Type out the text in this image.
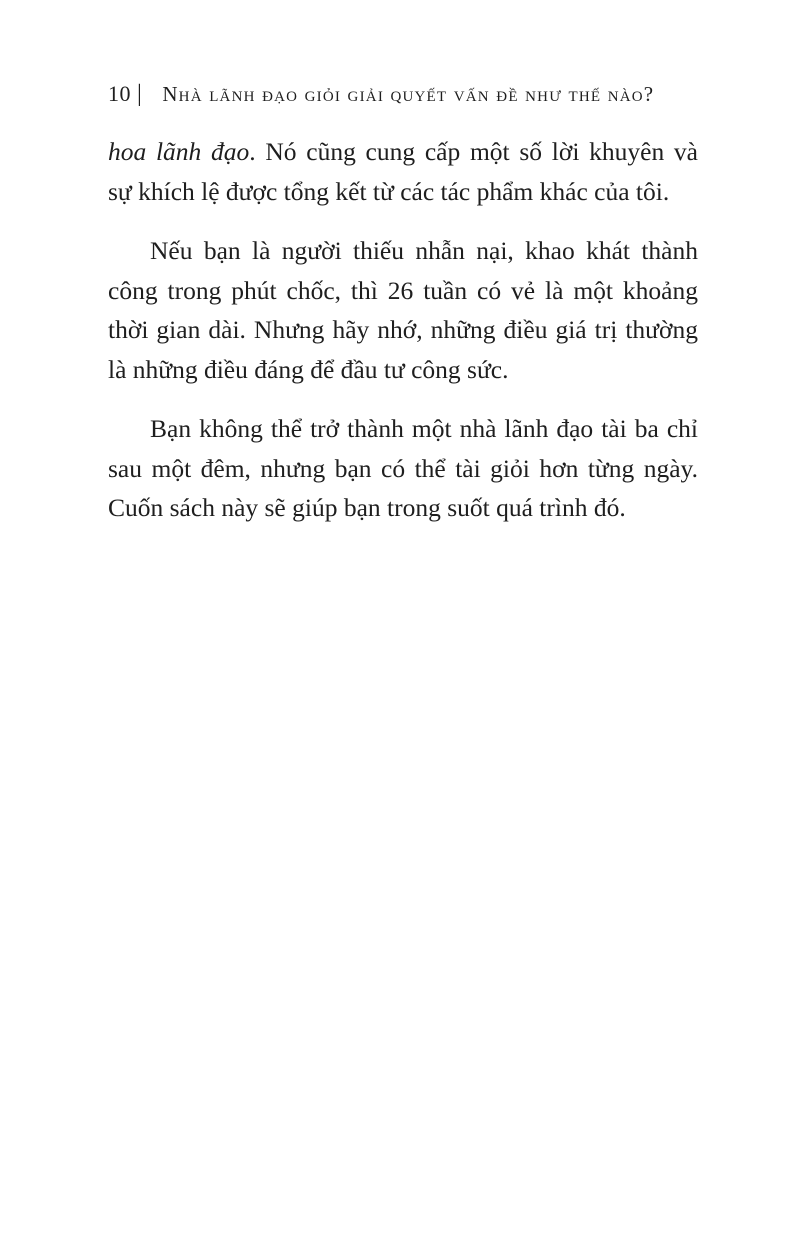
10 | Nhà lãnh đạo giỏi giải quyết vấn đề như thế nào?

hoa lãnh đạo. Nó cũng cung cấp một số lời khuyên và
sự khích lệ được tổng kết từ các tác phẩm khác của tôi.

Nếu bạn là người thiếu nhẫn nại, khao khát thành
công trong phút chốc, thì 26 tuần có vẻ là một khoảng
thời gian dài. Nhưng hãy nhớ, những điều giá trị thường
là những điều đáng để đầu tư công sức.

Bạn không thể trở thành một nhà lãnh đạo tài ba chỉ
sau một đêm, nhưng bạn có thể tài giỏi hơn từng ngày.
Cuốn sách này sẽ giúp bạn trong suốt quá trình đó.
